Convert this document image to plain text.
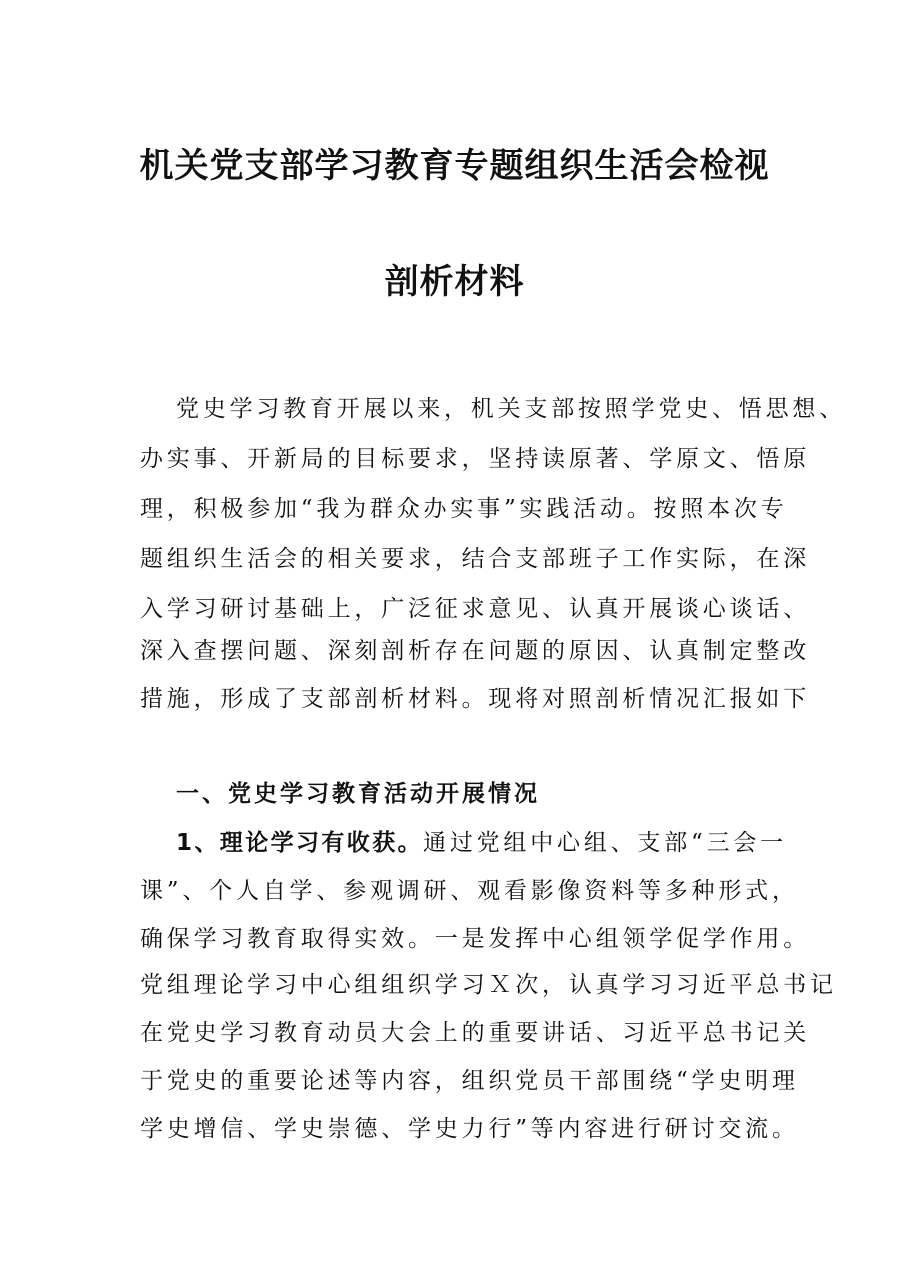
机关党支部学习教育专题组织生活会检视
剖析材料
党史学习教育开展以来，机关支部按照学党史、悟思想、
办实事、开新局的目标要求，坚持读原著、学原文、悟原
理，积极参加“我为群众办实事”实践活动。按照本次专
题组织生活会的相关要求，结合支部班子工作实际，在深
入学习研讨基础上，广泛征求意见、认真开展谈心谈话、
深入查摆问题、深刻剖析存在问题的原因、认真制定整改
措施，形成了支部剖析材料。现将对照剖析情况汇报如下
一、党史学习教育活动开展情况
1、理论学习有收获。通过党组中心组、支部“三会一
课”、个人自学、参观调研、观看影像资料等多种形式，
确保学习教育取得实效。一是发挥中心组领学促学作用。
党组理论学习中心组组织学习Ｘ次，认真学习习近平总书记
在党史学习教育动员大会上的重要讲话、习近平总书记关
于党史的重要论述等内容，组织党员干部围绕“学史明理
学史增信、学史崇德、学史力行”等内容进行研讨交流。
